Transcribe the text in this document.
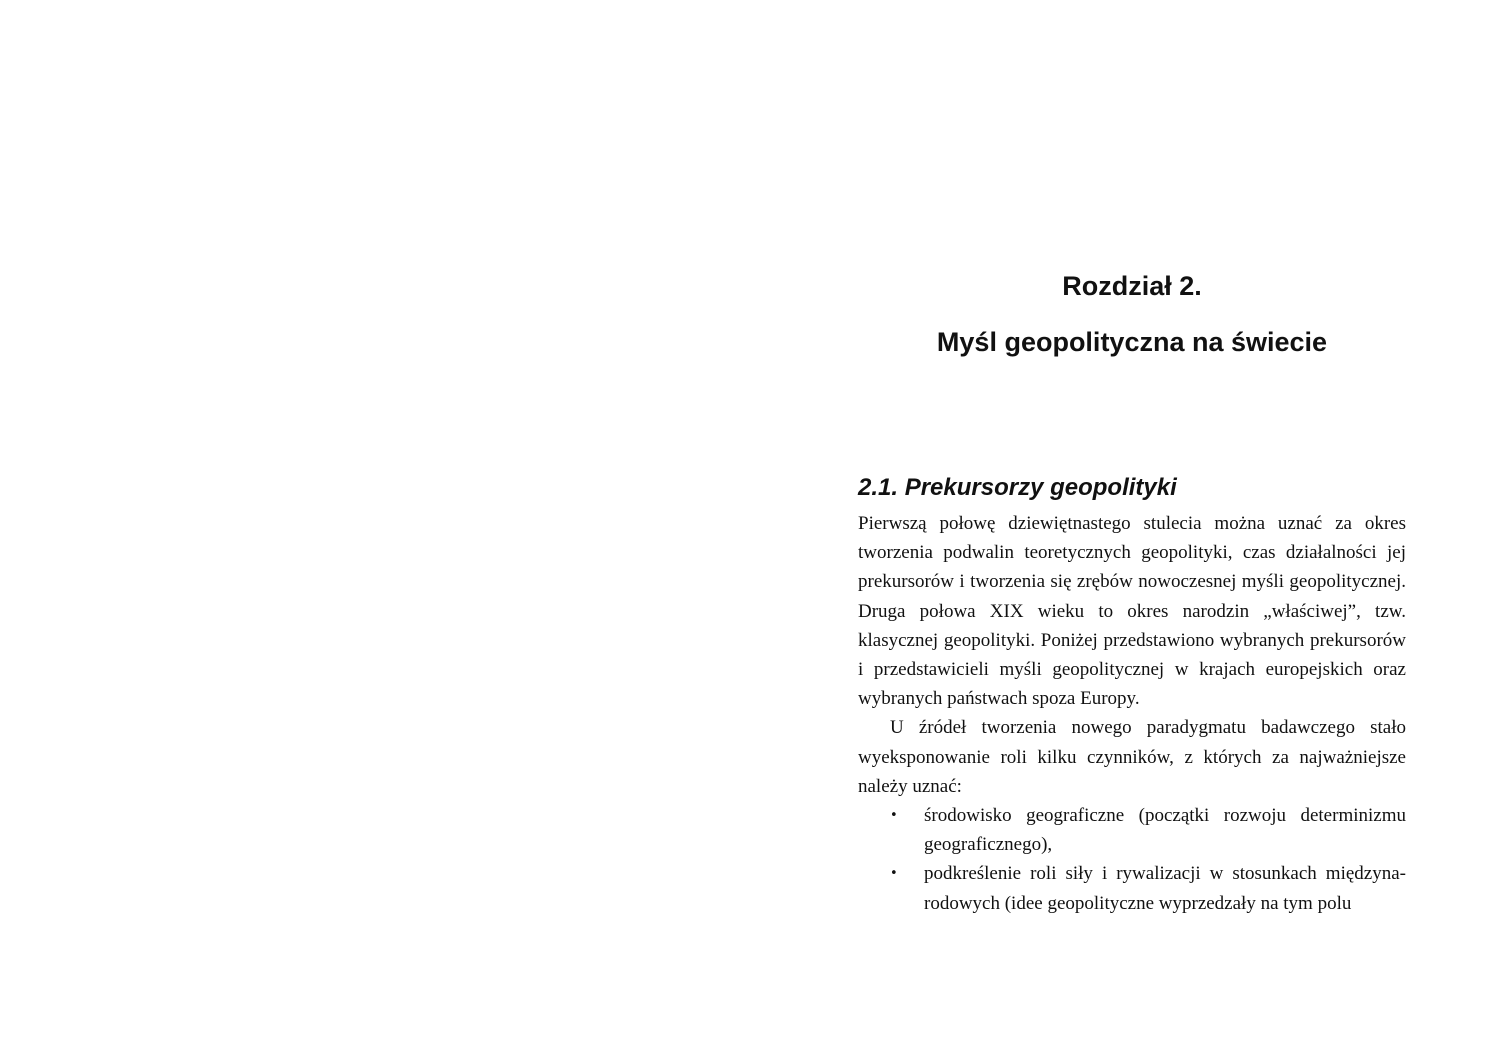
Rozdział 2.
Myśl geopolityczna na świecie
2.1. Prekursorzy geopolityki

Pierwszą połowę dziewiętnastego stulecia można uznać za okres tworzenia podwalin teoretycznych geopolityki, czas działalności jej prekursorów i tworzenia się zrębów nowoczesnej myśli geopolitycznej. Druga połowa XIX wieku to okres narodzin „właściwej”, tzw. klasycznej geopolityki. Poniżej przedstawiono wybranych prekursorów i przedstawicieli myśli geopolitycznej w krajach europejskich oraz wybranych państwach spoza Europy.

U źródeł tworzenia nowego paradygmatu badawczego stało wyeksponowanie roli kilku czynników, z których za najważniejsze należy uznać:

• środowisko geograficzne (początki rozwoju determinizmu geograficznego),
• podkreślenie roli siły i rywalizacji w stosunkach międzynarodowych (idee geopolityczne wyprzedzały na tym polu
